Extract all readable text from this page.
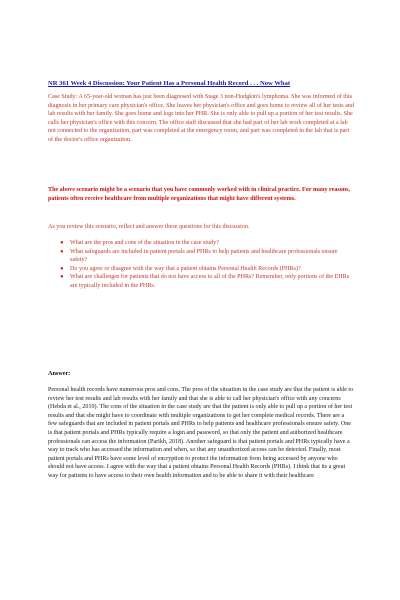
NR 361 Week 4 Discussion: Your Patient Has a Personal Health Record . . . Now What

Case Study: A 65-year-old woman has just been diagnosed with Stage 3 non-Hodgkin's lymphoma. She was informed of this diagnosis in her primary care physician's office. She leaves her physician's office and goes home to review all of her tests and lab results with her family. She goes home and logs into her PHR. She is only able to pull up a portion of her test results. She calls her physician's office with this concern. The office staff discussed that she had part of her lab work completed at a lab not connected to the organization, part was completed at the emergency room, and part was completed in the lab that is part of the doctor's office organization.

The above scenario might be a scenario that you have commonly worked with in clinical practice. For many reasons, patients often receive healthcare from multiple organizations that might have different systems.

As you review this scenario, reflect and answer these questions for this discussion.

● What are the pros and cons of the situation in the case study?
● What safeguards are included in patient portals and PHRs to help patients and healthcare professionals ensure safety?
● Do you agree or disagree with the way that a patient obtains Personal Health Records (PHRs)?
● What are challenges for patients that do not have access to all of the PHRs? Remember, only portions of the EHRs are typically included in the PHRs.
Answer:

Personal health records have numerous pros and cons. The pros of the situation in the case study are that the patient is able to review her test results and lab results with her family and that she is able to call her physician's office with any concerns (Hebda et al., 2019). The cons of the situation in the case study are that the patient is only able to pull up a portion of her test results and that she might have to coordinate with multiple organizations to get her complete medical records. There are a few safeguards that are included in patient portals and PHRs to help patients and healthcare professionals ensure safety. One is that patient portals and PHRs typically require a login and password, so that only the patient and authorized healthcare professionals can access the information (Parikh, 2018). Another safeguard is that patient portals and PHRs typically have a way to track who has accessed the information and when, so that any unauthorized access can be detected. Finally, most patient portals and PHRs have some level of encryption to protect the information from being accessed by anyone who should not have access. I agree with the way that a patient obtains Personal Health Records (PHRs). I think that its a great way for patients to have access to their own health information and to be able to share it with their healthcare
